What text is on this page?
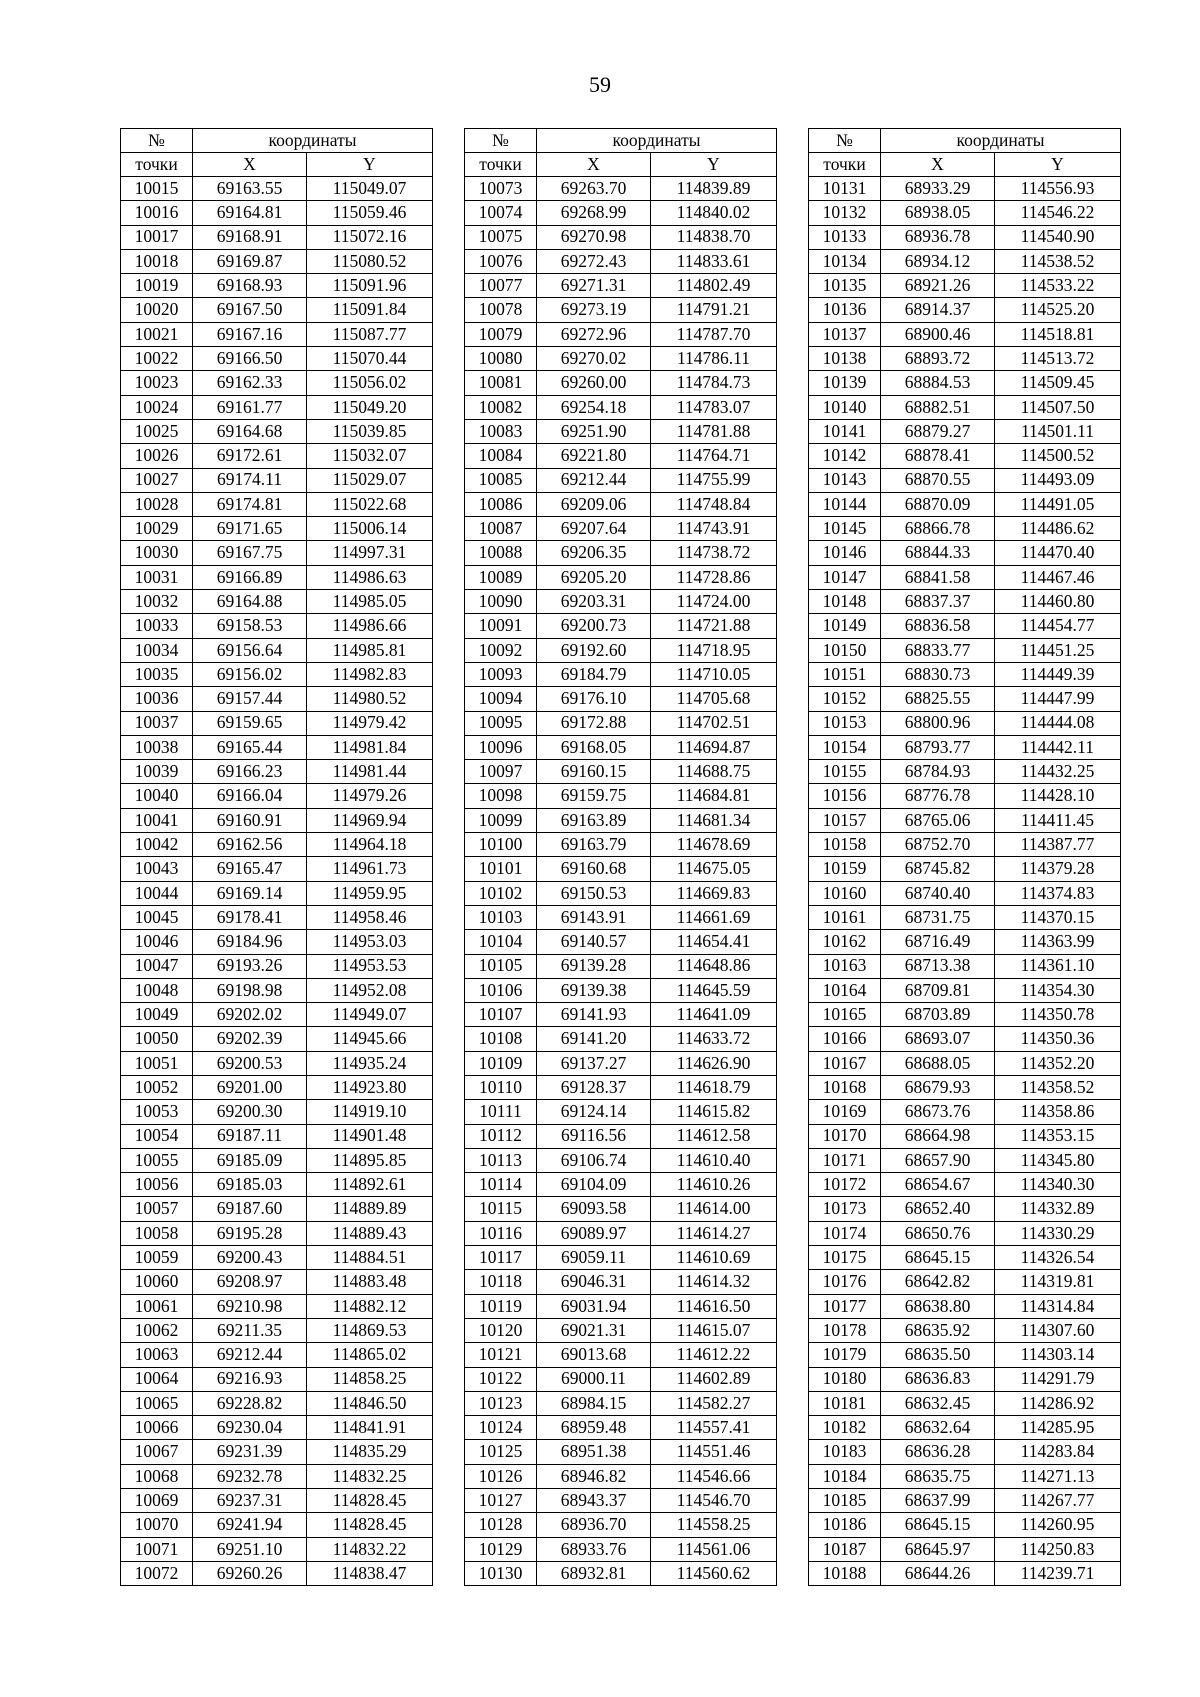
59
№	координаты	
точки	X	Y
10015	69163.55	115049.07
10016	69164.81	115059.46
10017	69168.91	115072.16
10018	69169.87	115080.52
10019	69168.93	115091.96
10020	69167.50	115091.84
10021	69167.16	115087.77
10022	69166.50	115070.44
10023	69162.33	115056.02
10024	69161.77	115049.20
10025	69164.68	115039.85
10026	69172.61	115032.07
10027	69174.11	115029.07
10028	69174.81	115022.68
10029	69171.65	115006.14
10030	69167.75	114997.31
10031	69166.89	114986.63
10032	69164.88	114985.05
10033	69158.53	114986.66
10034	69156.64	114985.81
10035	69156.02	114982.83
10036	69157.44	114980.52
10037	69159.65	114979.42
10038	69165.44	114981.84
10039	69166.23	114981.44
10040	69166.04	114979.26
10041	69160.91	114969.94
10042	69162.56	114964.18
10043	69165.47	114961.73
10044	69169.14	114959.95
10045	69178.41	114958.46
10046	69184.96	114953.03
10047	69193.26	114953.53
10048	69198.98	114952.08
10049	69202.02	114949.07
10050	69202.39	114945.66
10051	69200.53	114935.24
10052	69201.00	114923.80
10053	69200.30	114919.10
10054	69187.11	114901.48
10055	69185.09	114895.85
10056	69185.03	114892.61
10057	69187.60	114889.89
10058	69195.28	114889.43
10059	69200.43	114884.51
10060	69208.97	114883.48
10061	69210.98	114882.12
10062	69211.35	114869.53
10063	69212.44	114865.02
10064	69216.93	114858.25
10065	69228.82	114846.50
10066	69230.04	114841.91
10067	69231.39	114835.29
10068	69232.78	114832.25
10069	69237.31	114828.45
10070	69241.94	114828.45
10071	69251.10	114832.22
10072	69260.26	114838.47
№	координаты	
точки	X	Y
10073	69263.70	114839.89
10074	69268.99	114840.02
10075	69270.98	114838.70
10076	69272.43	114833.61
10077	69271.31	114802.49
10078	69273.19	114791.21
10079	69272.96	114787.70
10080	69270.02	114786.11
10081	69260.00	114784.73
10082	69254.18	114783.07
10083	69251.90	114781.88
10084	69221.80	114764.71
10085	69212.44	114755.99
10086	69209.06	114748.84
10087	69207.64	114743.91
10088	69206.35	114738.72
10089	69205.20	114728.86
10090	69203.31	114724.00
10091	69200.73	114721.88
10092	69192.60	114718.95
10093	69184.79	114710.05
10094	69176.10	114705.68
10095	69172.88	114702.51
10096	69168.05	114694.87
10097	69160.15	114688.75
10098	69159.75	114684.81
10099	69163.89	114681.34
10100	69163.79	114678.69
10101	69160.68	114675.05
10102	69150.53	114669.83
10103	69143.91	114661.69
10104	69140.57	114654.41
10105	69139.28	114648.86
10106	69139.38	114645.59
10107	69141.93	114641.09
10108	69141.20	114633.72
10109	69137.27	114626.90
10110	69128.37	114618.79
10111	69124.14	114615.82
10112	69116.56	114612.58
10113	69106.74	114610.40
10114	69104.09	114610.26
10115	69093.58	114614.00
10116	69089.97	114614.27
10117	69059.11	114610.69
10118	69046.31	114614.32
10119	69031.94	114616.50
10120	69021.31	114615.07
10121	69013.68	114612.22
10122	69000.11	114602.89
10123	68984.15	114582.27
10124	68959.48	114557.41
10125	68951.38	114551.46
10126	68946.82	114546.66
10127	68943.37	114546.70
10128	68936.70	114558.25
10129	68933.76	114561.06
10130	68932.81	114560.62
№	координаты	
точки	X	Y
10131	68933.29	114556.93
10132	68938.05	114546.22
10133	68936.78	114540.90
10134	68934.12	114538.52
10135	68921.26	114533.22
10136	68914.37	114525.20
10137	68900.46	114518.81
10138	68893.72	114513.72
10139	68884.53	114509.45
10140	68882.51	114507.50
10141	68879.27	114501.11
10142	68878.41	114500.52
10143	68870.55	114493.09
10144	68870.09	114491.05
10145	68866.78	114486.62
10146	68844.33	114470.40
10147	68841.58	114467.46
10148	68837.37	114460.80
10149	68836.58	114454.77
10150	68833.77	114451.25
10151	68830.73	114449.39
10152	68825.55	114447.99
10153	68800.96	114444.08
10154	68793.77	114442.11
10155	68784.93	114432.25
10156	68776.78	114428.10
10157	68765.06	114411.45
10158	68752.70	114387.77
10159	68745.82	114379.28
10160	68740.40	114374.83
10161	68731.75	114370.15
10162	68716.49	114363.99
10163	68713.38	114361.10
10164	68709.81	114354.30
10165	68703.89	114350.78
10166	68693.07	114350.36
10167	68688.05	114352.20
10168	68679.93	114358.52
10169	68673.76	114358.86
10170	68664.98	114353.15
10171	68657.90	114345.80
10172	68654.67	114340.30
10173	68652.40	114332.89
10174	68650.76	114330.29
10175	68645.15	114326.54
10176	68642.82	114319.81
10177	68638.80	114314.84
10178	68635.92	114307.60
10179	68635.50	114303.14
10180	68636.83	114291.79
10181	68632.45	114286.92
10182	68632.64	114285.95
10183	68636.28	114283.84
10184	68635.75	114271.13
10185	68637.99	114267.77
10186	68645.15	114260.95
10187	68645.97	114250.83
10188	68644.26	114239.71
